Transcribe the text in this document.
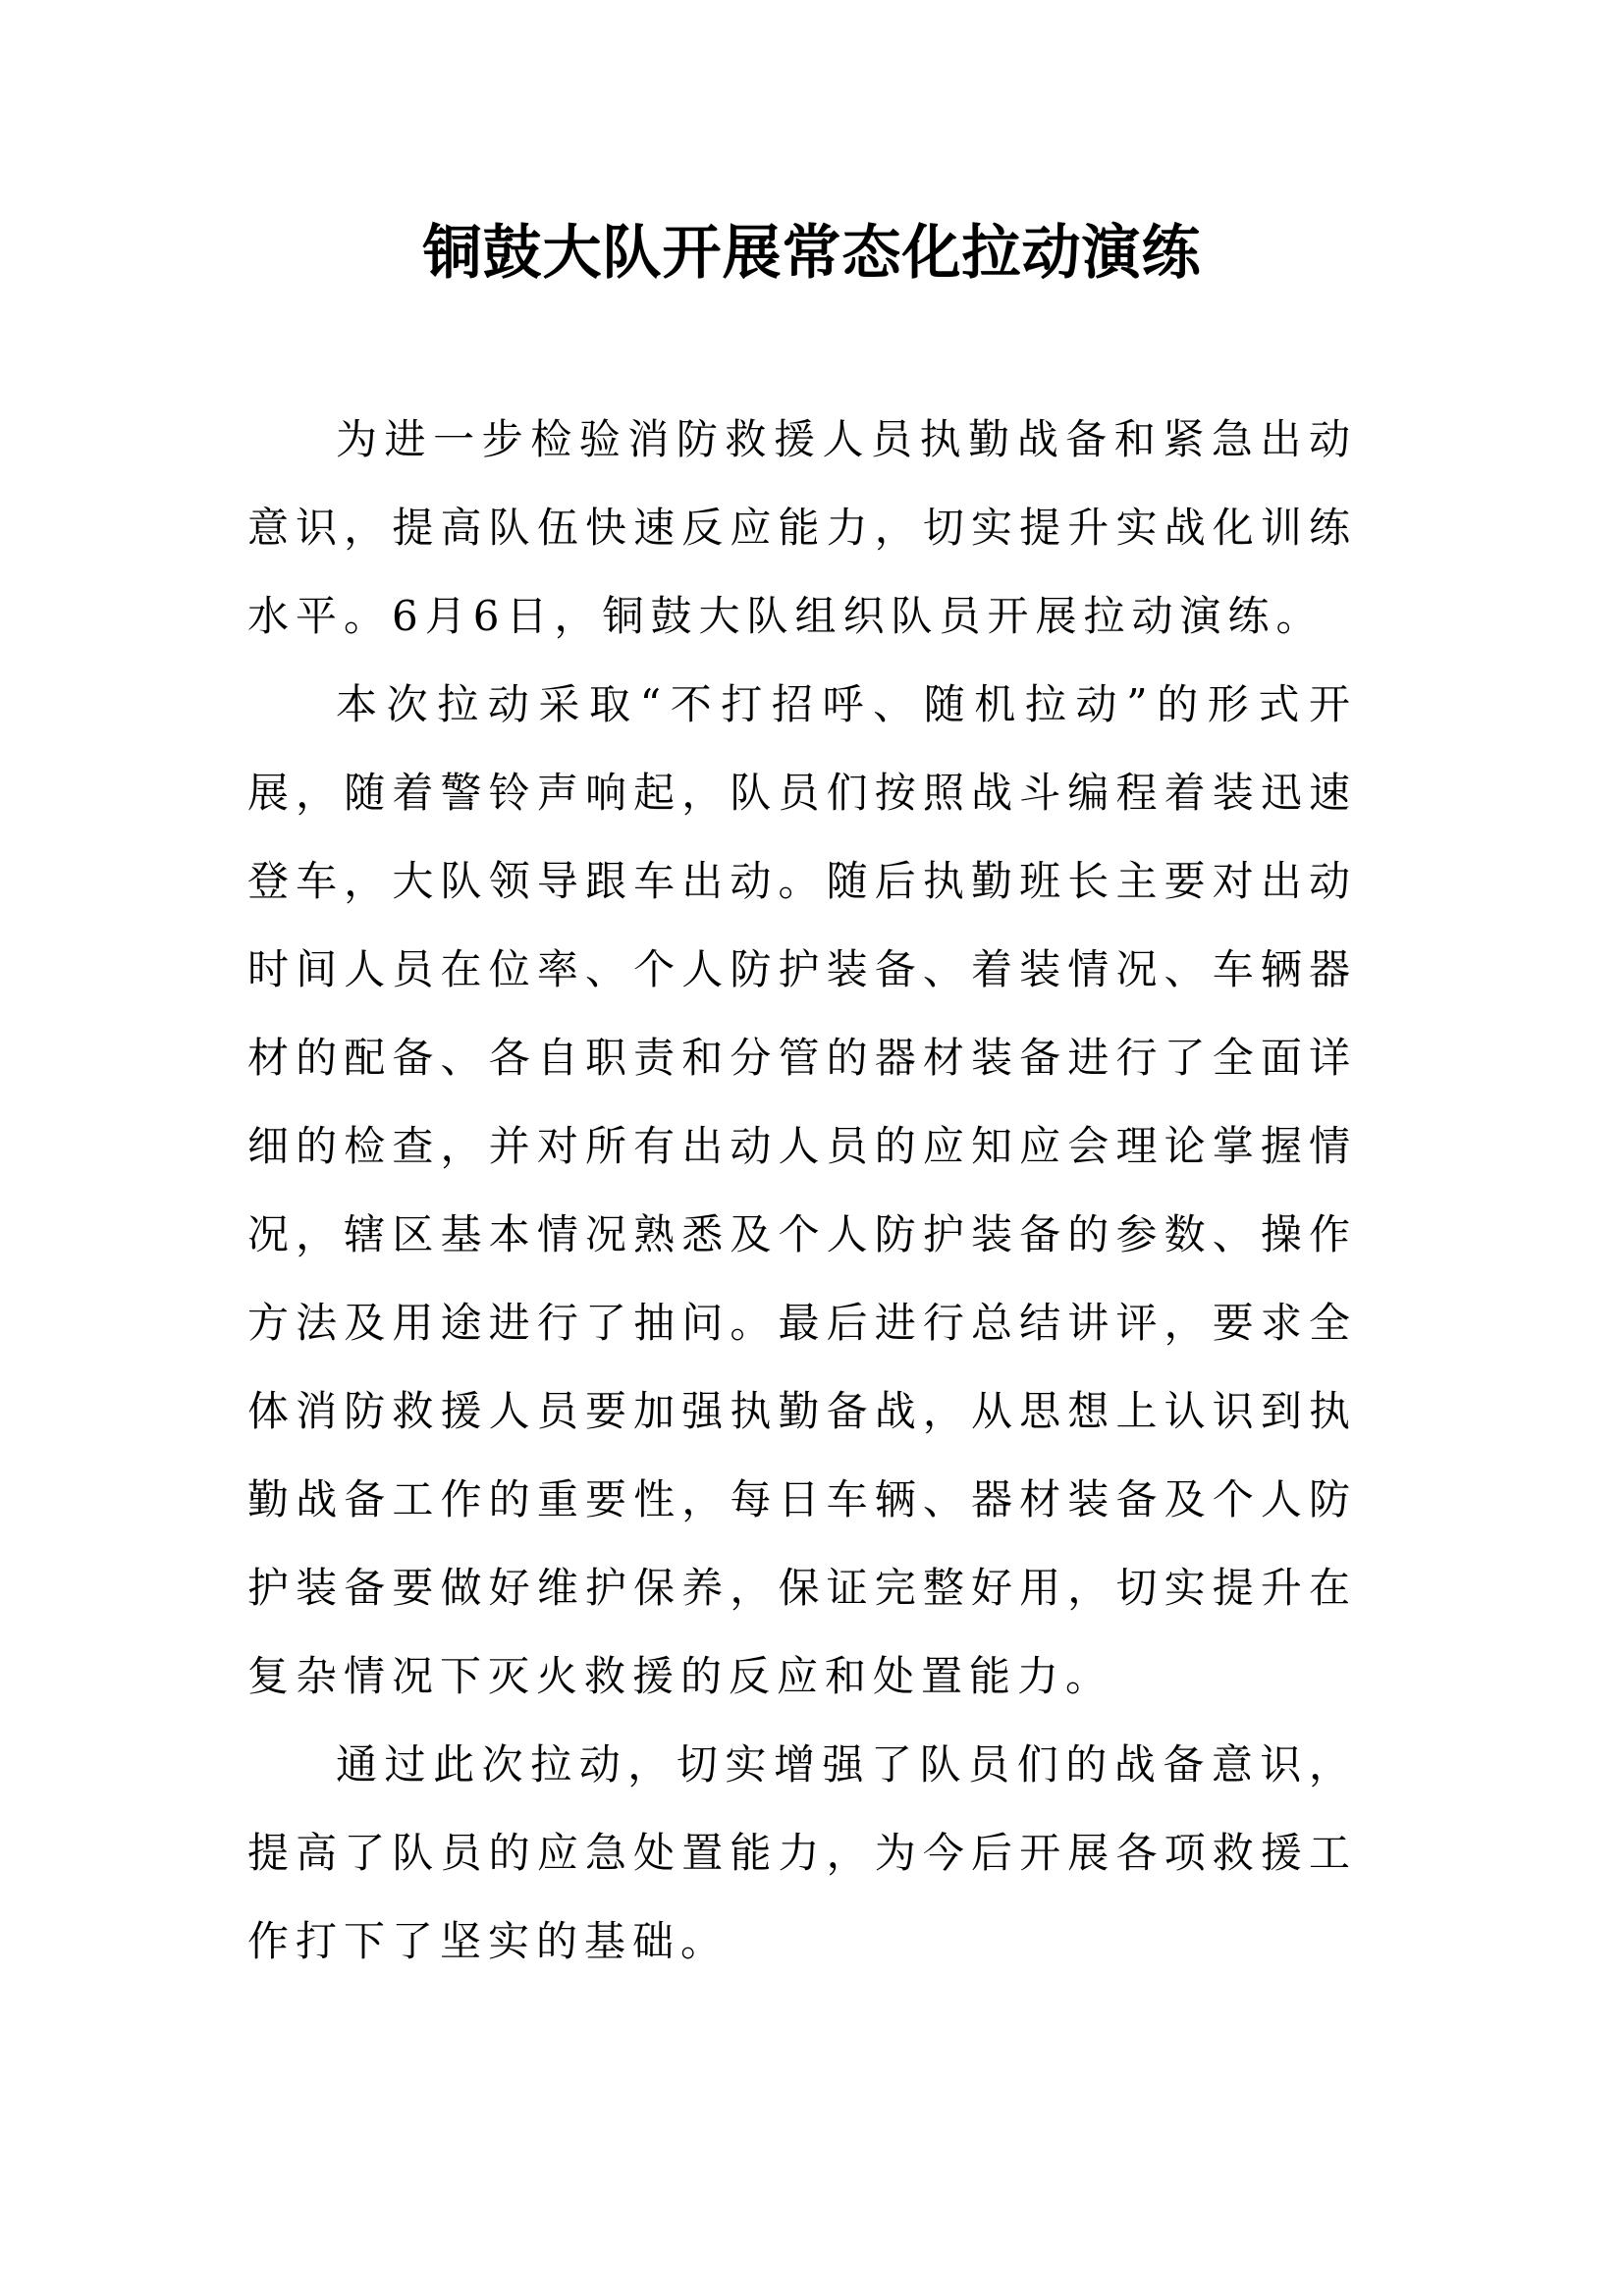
铜鼓大队开展常态化拉动演练

为进一步检验消防救援人员执勤战备和紧急出动意识，提高队伍快速反应能力，切实提升实战化训练水平。6月6日，铜鼓大队组织队员开展拉动演练。

本次拉动采取“不打招呼、随机拉动”的形式开展，随着警铃声响起，队员们按照战斗编程着装迅速登车，大队领导跟车出动。随后执勤班长主要对出动时间人员在位率、个人防护装备、着装情况、车辆器材的配备、各自职责和分管的器材装备进行了全面详细的检查，并对所有出动人员的应知应会理论掌握情况，辖区基本情况熟悉及个人防护装备的参数、操作方法及用途进行了抽问。最后进行总结讲评，要求全体消防救援人员要加强执勤备战，从思想上认识到执勤战备工作的重要性，每日车辆、器材装备及个人防护装备要做好维护保养，保证完整好用，切实提升在复杂情况下灭火救援的反应和处置能力。

通过此次拉动，切实增强了队员们的战备意识，提高了队员的应急处置能力，为今后开展各项救援工作打下了坚实的基础。
